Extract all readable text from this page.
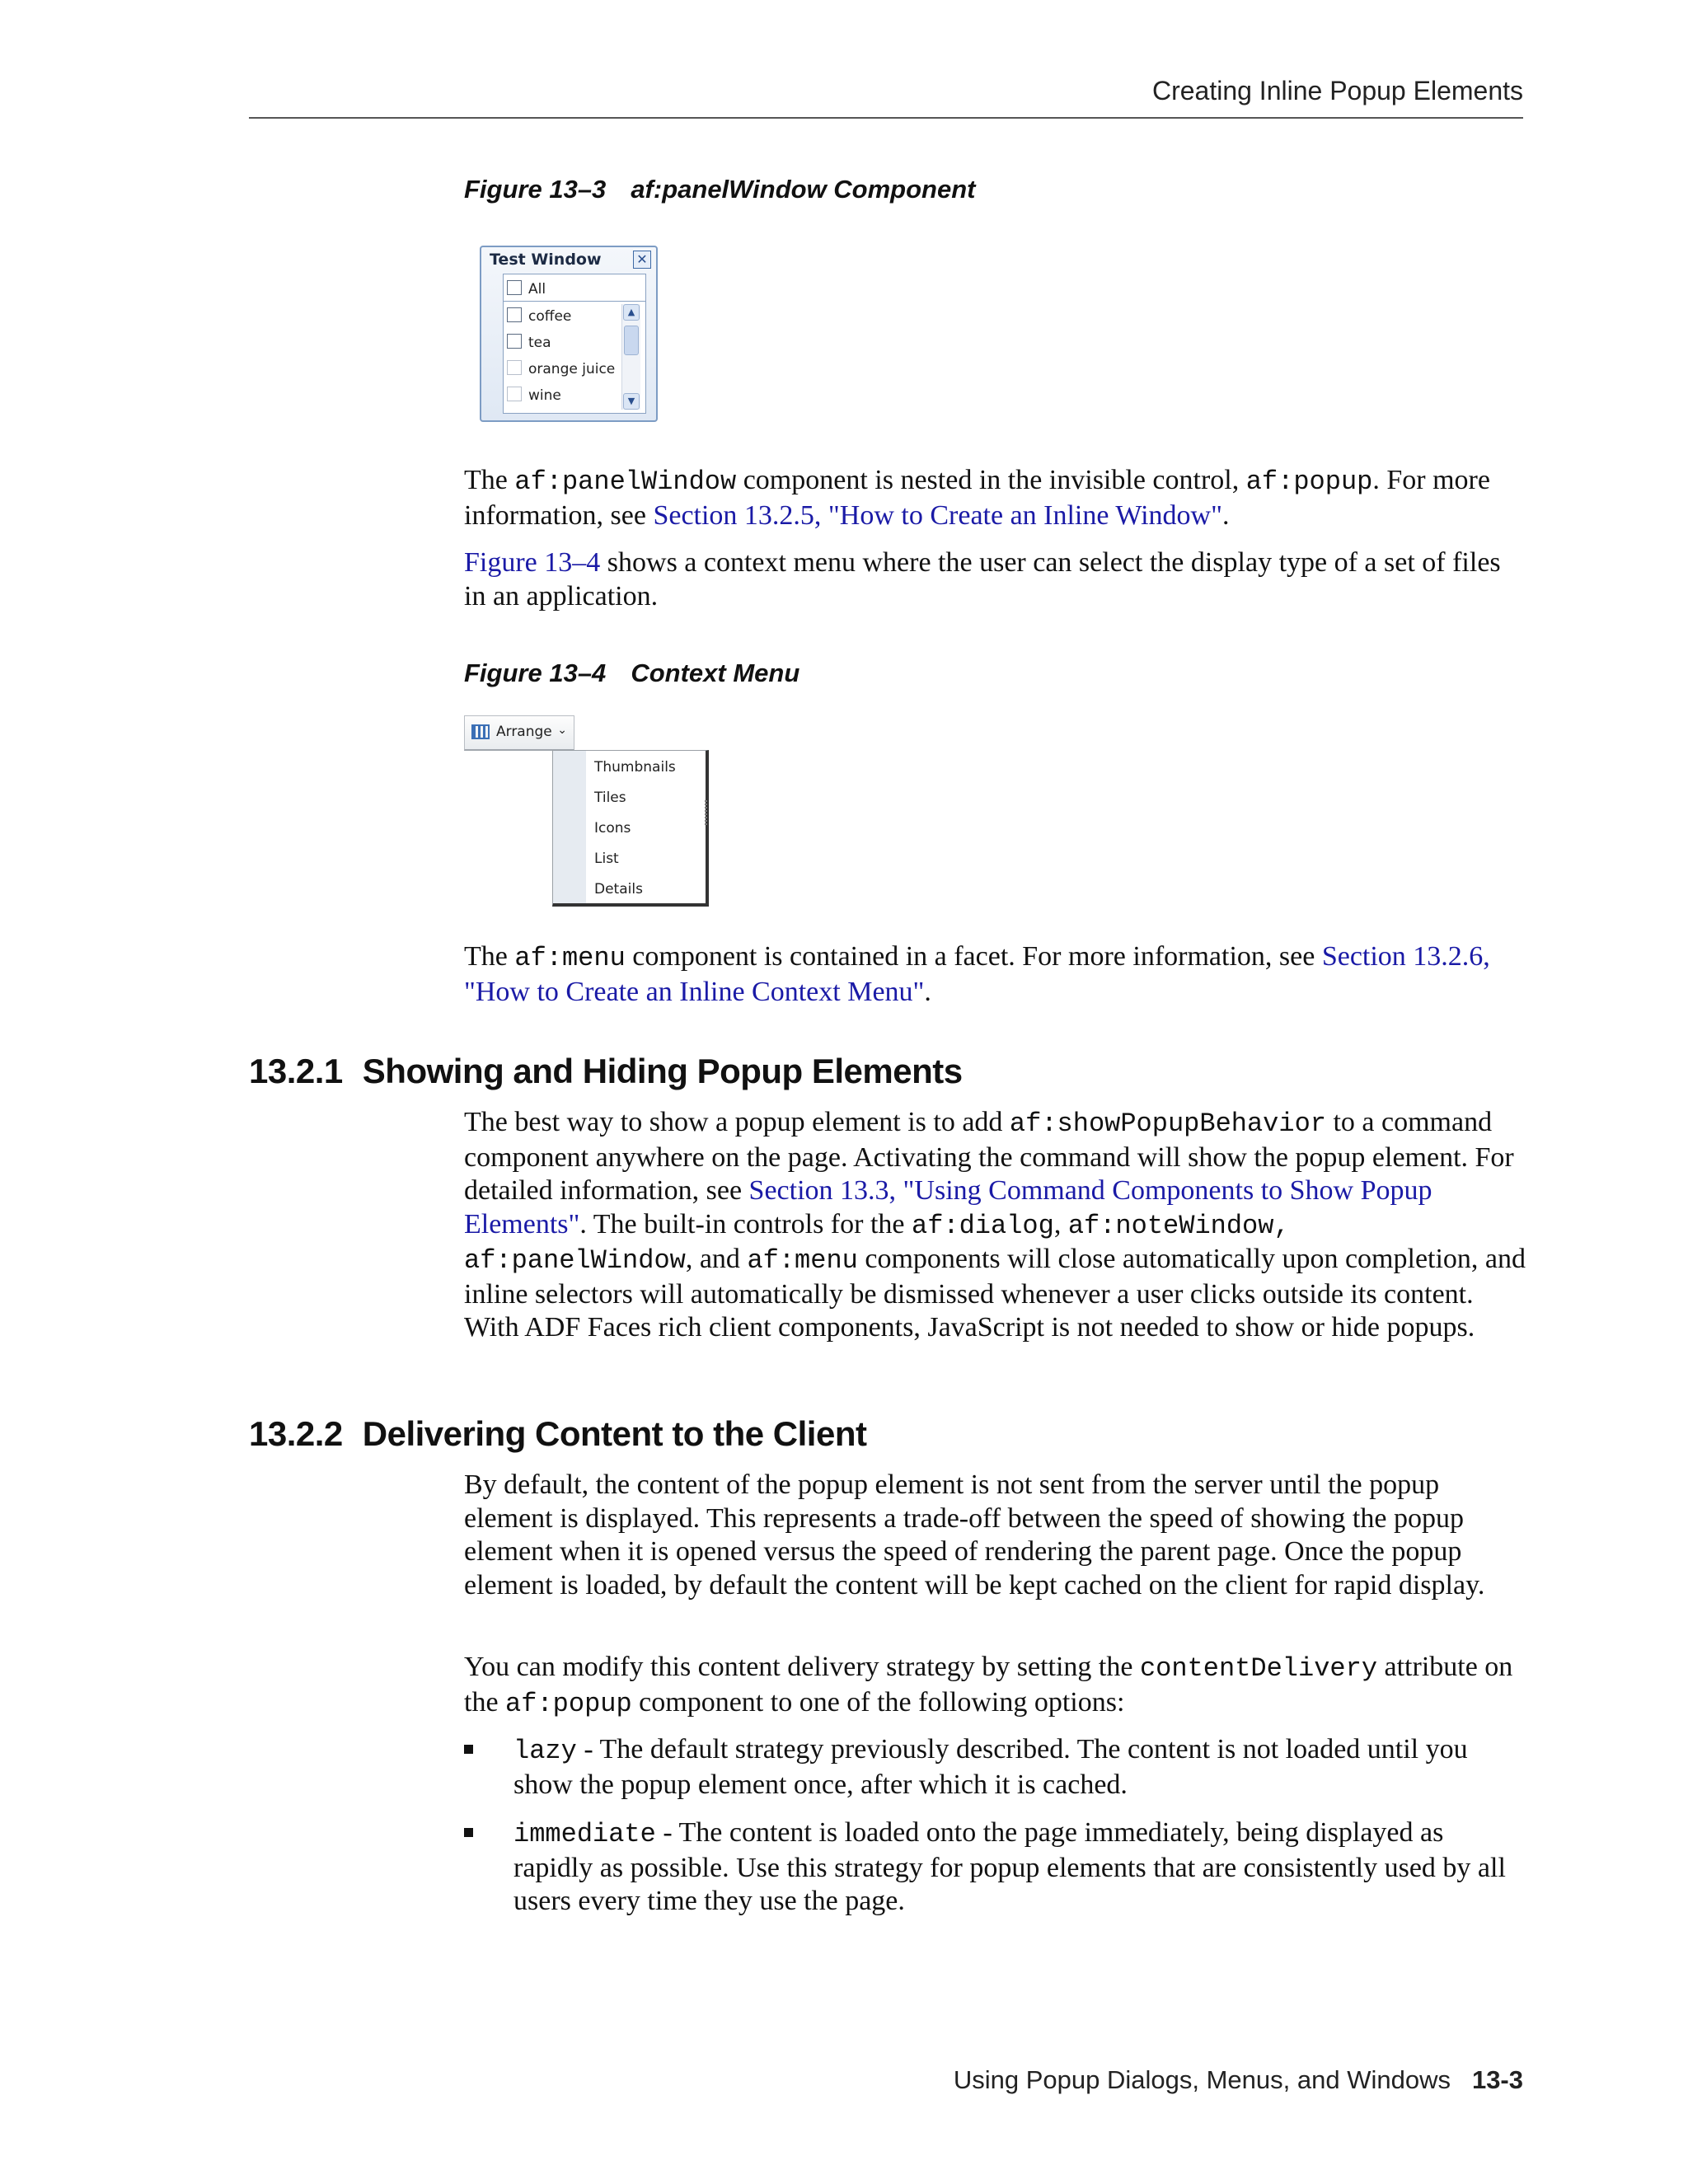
Creating Inline Popup Elements
Figure 13–3 af:panelWindow Component
Test Window	✕
All
coffee
tea
orange juice
wine
▲
▼

The af:panelWindow component is nested in the invisible control, af:popup. For more information, see Section 13.2.5, "How to Create an Inline Window".

Figure 13–4 shows a context menu where the user can select the display type of a set of files in an application.

Figure 13–4 Context Menu
Arrange ⌄
Thumbnails
Tiles
Icons
List
Details

The af:menu component is contained in a facet. For more information, see Section 13.2.6, "How to Create an Inline Context Menu".

13.2.1 Showing and Hiding Popup Elements

The best way to show a popup element is to add af:showPopupBehavior to a command component anywhere on the page. Activating the command will show the popup element. For detailed information, see Section 13.3, "Using Command Components to Show Popup Elements". The built-in controls for the af:dialog, af:noteWindow, af:panelWindow, and af:menu components will close automatically upon completion, and inline selectors will automatically be dismissed whenever a user clicks outside its content. With ADF Faces rich client components, JavaScript is not needed to show or hide popups.

13.2.2 Delivering Content to the Client

By default, the content of the popup element is not sent from the server until the popup element is displayed. This represents a trade-off between the speed of showing the popup element when it is opened versus the speed of rendering the parent page. Once the popup element is loaded, by default the content will be kept cached on the client for rapid display.

You can modify this content delivery strategy by setting the contentDelivery attribute on the af:popup component to one of the following options:

lazy - The default strategy previously described. The content is not loaded until you show the popup element once, after which it is cached.

immediate - The content is loaded onto the page immediately, being displayed as rapidly as possible. Use this strategy for popup elements that are consistently used by all users every time they use the page.

Using Popup Dialogs, Menus, and Windows 13-3
